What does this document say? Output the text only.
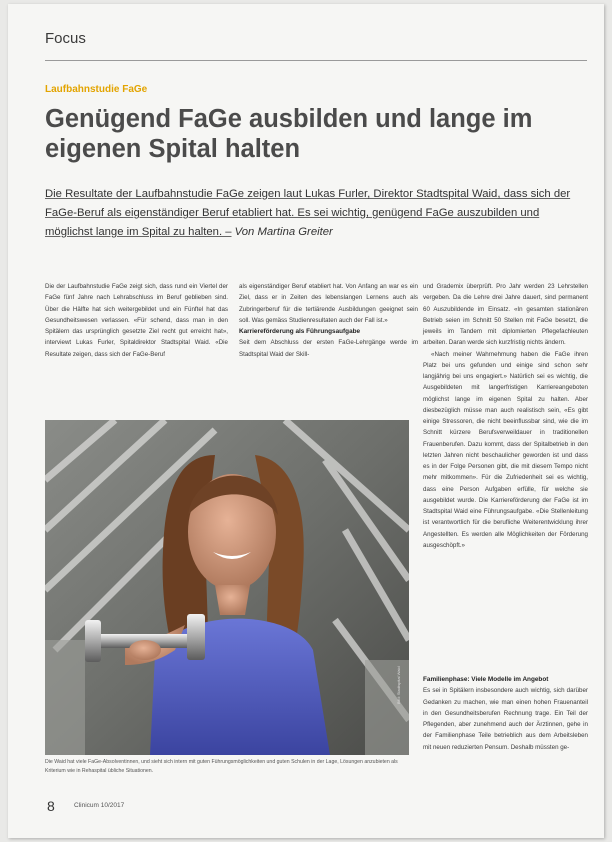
Focus
Laufbahnstudie FaGe
Genügend FaGe ausbilden und lange im eigenen Spital halten

Die Resultate der Laufbahnstudie FaGe zeigen laut Lukas Furler, Direktor Stadtspital Waid, dass sich der FaGe-Beruf als eigenständiger Beruf etabliert hat. Es sei wichtig, genügend FaGe auszubilden und möglichst lange im Spital zu halten. – Von Martina Greiter

Die der Laufbahnstudie FaGe zeigt sich, dass rund ein Viertel der FaGe fünf Jahre nach Lehrabschluss im Beruf geblieben sind. Über die Hälfte hat sich weitergebildet und ein Fünftel hat das Gesundheitswesen verlassen. «Für schend, dass man in den Spitälern das ursprünglich gesetzte Ziel recht gut erreicht hat», interviewt Lukas Furler, Spitaldirektor Stadtspital Waid. «Die Resultate zeigen, dass sich der FaGe-Beruf

als eigenständiger Beruf etabliert hat. Von Anfang an war es ein Ziel, dass er in Zeiten des lebenslangen Lernens auch als Zubringerberuf für die tertiärende Ausbildungen geeignet sein soll. Was gemäss Studienresultaten auch der Fall ist.»

Karriereförderung als Führungsaufgabe

Seit dem Abschluss der ersten FaGe-Lehrgänge werde im Stadtspital Waid der Skill-

und Grademix überprüft. Pro Jahr werden 23 Lehrstellen vergeben. Da die Lehre drei Jahre dauert, sind permanent 60 Auszubildende im Einsatz. «In gesamten stationären Betrieb seien im Schnitt 50 Stellen mit FaGe besetzt, die jeweils im Tandem mit diplomierten Pflegefachleuten arbeiten. Daran werde sich kurzfristig nichts ändern.

«Nach meiner Wahrnehmung haben die FaGe ihren Platz bei uns gefunden und einige sind schon sehr langjährig bei uns engagiert.» Natürlich sei es wichtig, die Ausgebildeten mit langerfristigen Karriereangeboten möglichst lange im eigenen Spital zu halten. Aber diesbezüglich müsse man auch realistisch sein, «Es gibt einige Stressoren, die nicht beeinflussbar sind, wie die im Schnitt kürzere Berufsverweildauer in traditionellen Frauenberufen. Dazu kommt, dass der Spitalbetrieb in den letzten Jahren nicht beschaulicher geworden ist und dass es in der Folge Personen gibt, die mit diesem Tempo nicht mehr mitkommen». Für die Zufriedenheit sei es wichtig, dass eine Person Aufgaben erfülle, für welche sie ausgebildet wurde. Die Karriereförderung der FaGe ist im Stadtspital Waid eine Führungsaufgabe. «Die Stellenleitung ist verantwortlich für die berufliche Weiterentwicklung ihrer Angestellten. Es werden alle Möglichkeiten der Förderung ausgeschöpft.»

Familienphase: Viele Modelle im Angebot

Es sei in Spitälern insbesondere auch wichtig, sich darüber Gedanken zu machen, wie man einen hohen Frauenanteil in den Gesundheitsberufen Rechnung trage. Ein Teil der Pflegenden, aber zunehmend auch der Ärztinnen, gehe in der Familienphase Teile betrieblich aus dem Arbeitsleben mit neuen reduzierten Pensum. Deshalb müssten ge-

Bild: Stadtspital Waid

Die Waid hat viele FaGe-Absolventinnen, und sieht sich intern mit guten Führungsmöglichkeiten und guten Schulen in der Lage, Lösungen anzubieten als Kriterium wie in Rehaspital übliche Situationen.

8	Clinicum 10/2017
